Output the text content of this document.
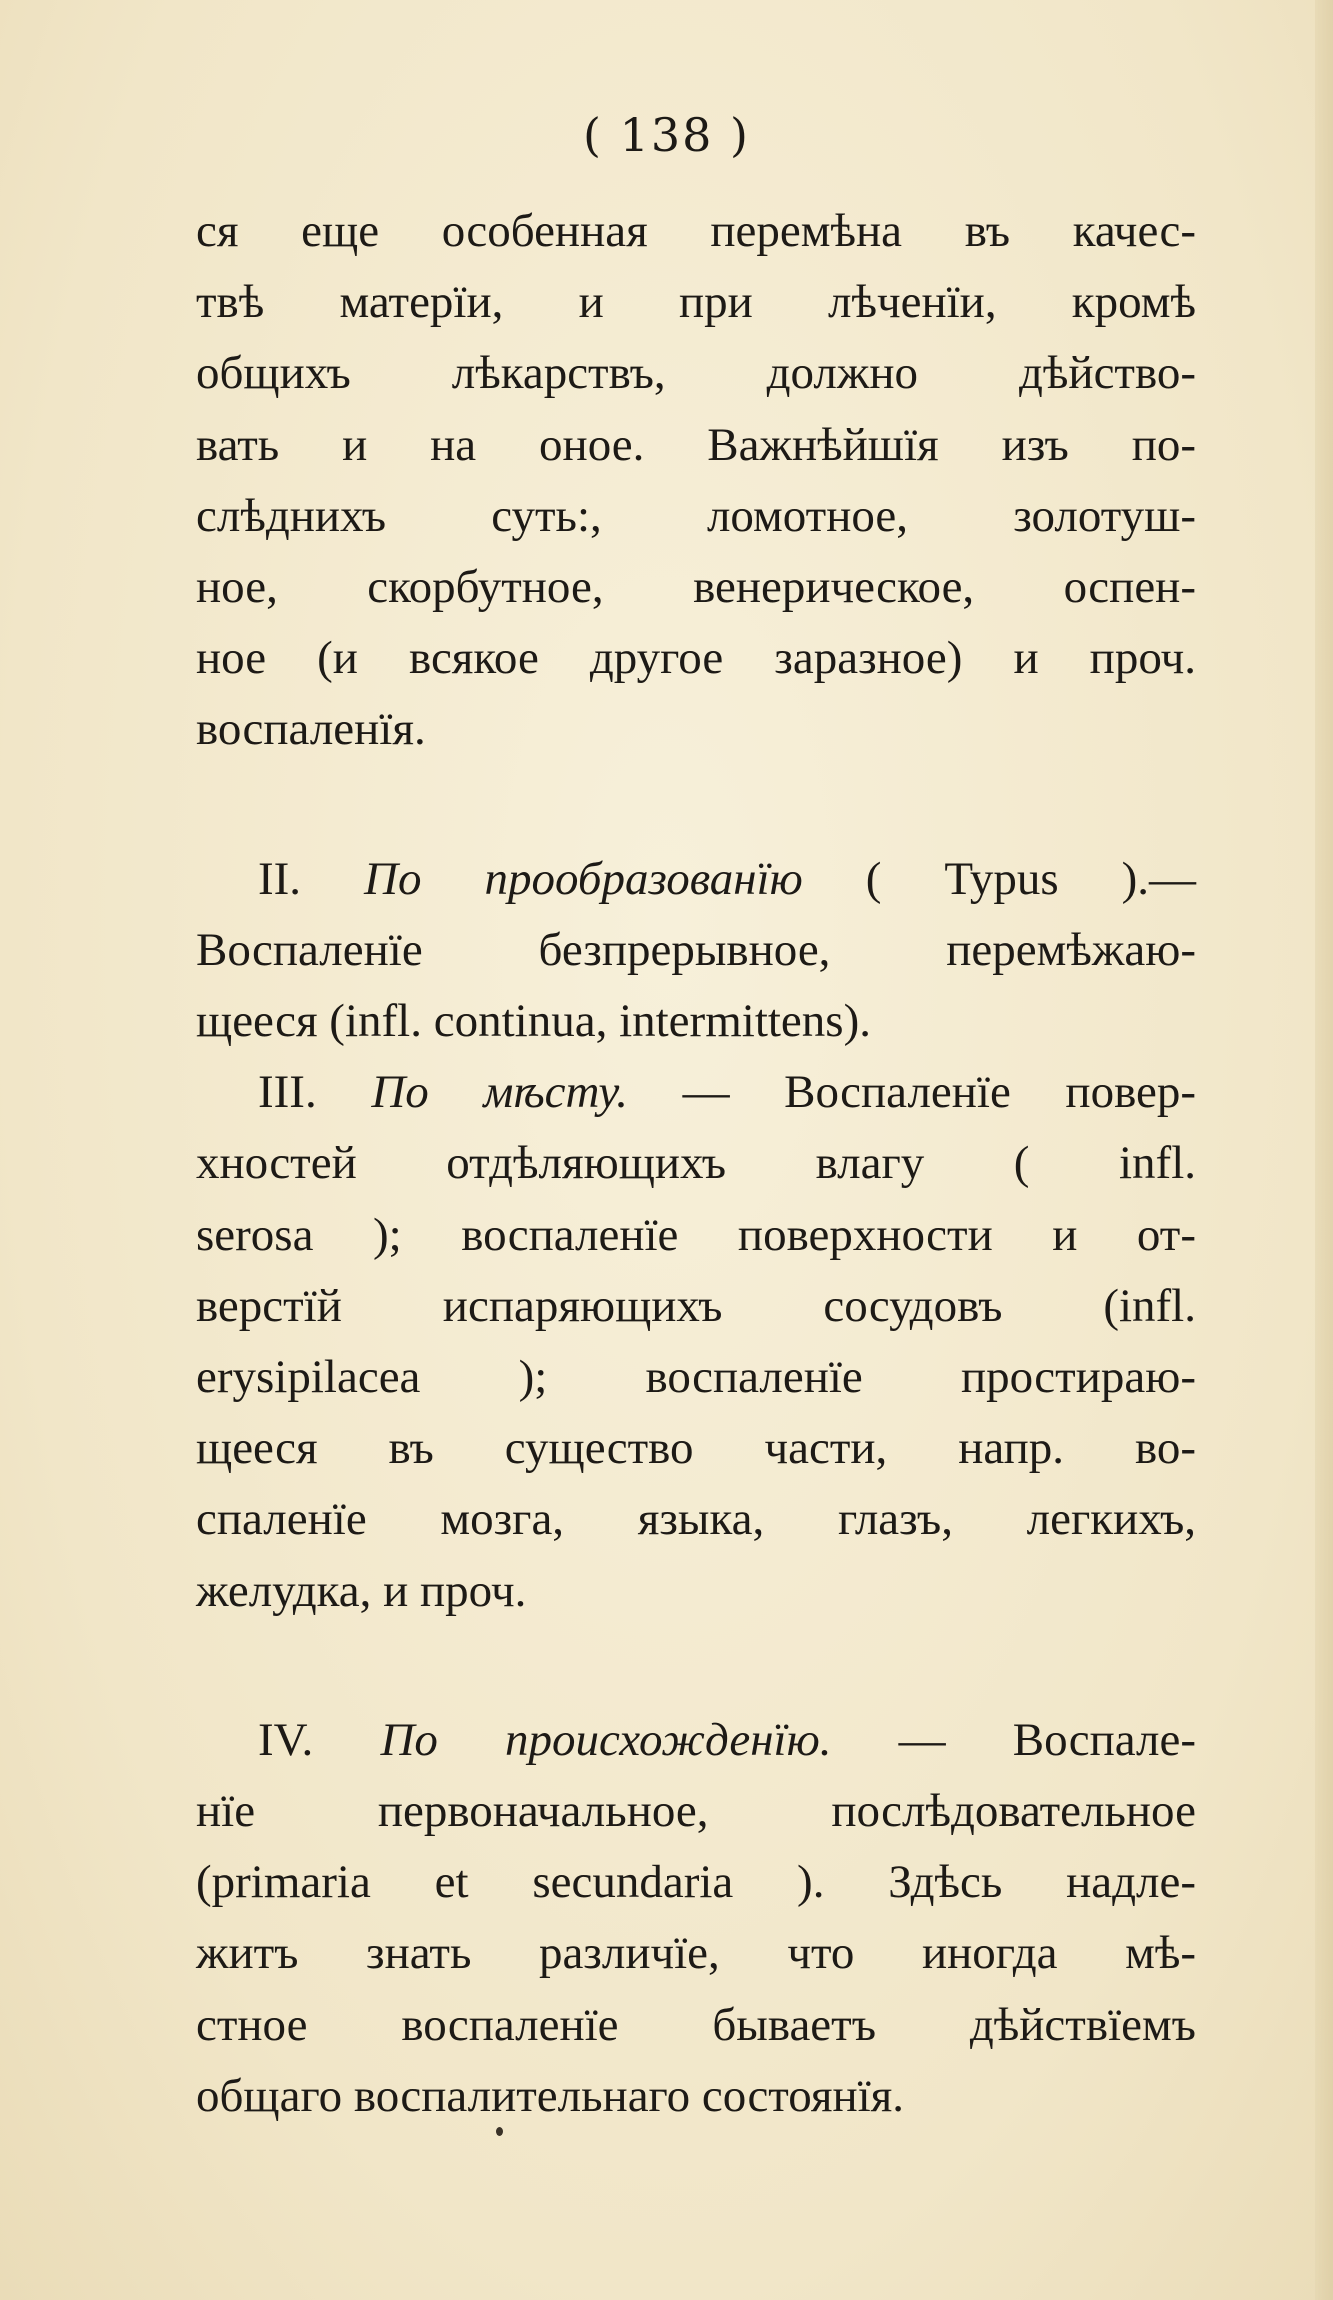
( 138 )
ся еще особенная перемѣна въ качес-
твѣ матерїи, и при лѣченїи, кромѣ
общихъ лѣкарствъ, должно дѣйство-
вать и на оное. Важнѣйшїя изъ по-
слѣднихъ суть:, ломотное, золотуш-
ное, скорбутное, венерическое, оспен-
ное (и всякое другое заразное) и проч.
воспаленїя.
II. По прообразованїю ( Typus ).—
Воспаленїе безпрерывное, перемѣжаю-
щееся (infl. continua, intermittens).
III. По мѣсту. — Воспаленїе повер-
хностей отдѣляющихъ влагу ( infl.
serosa ); воспаленїе поверхности и от-
верстїй испаряющихъ сосудовъ (infl.
erysipilacea ); воспаленїе простираю-
щееся въ существо части, напр. во-
спаленїе мозга, языка, глазъ, легкихъ,
желудка, и проч.
IV. По происхожденїю. — Воспале-
нїе первоначальное, послѣдовательное
(primaria et secundaria ). Здѣсь надле-
житъ знать различїе, что иногда мѣ-
стное воспаленїе бываетъ дѣйствїемъ
общаго воспалительнаго состоянїя.
